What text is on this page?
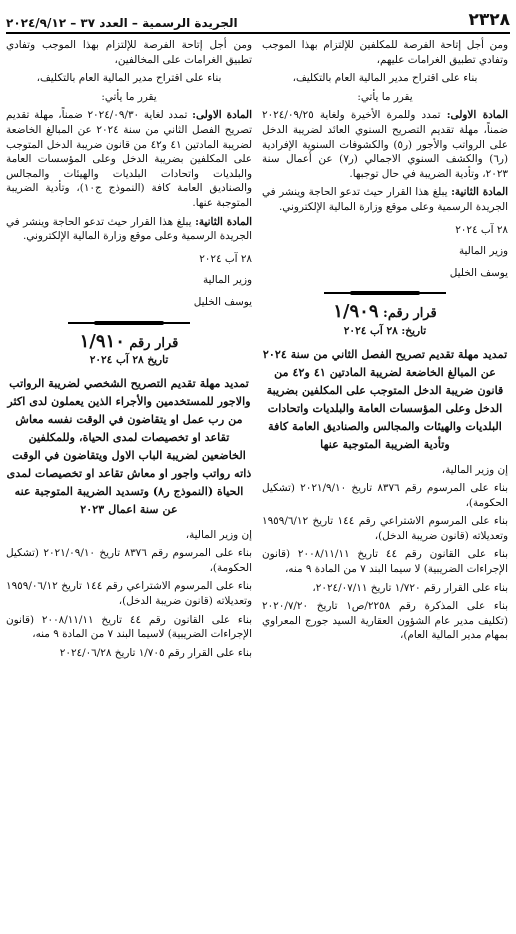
٢٣٢٨
الجريدة الرسمية – العدد ٣٧ – ٢٠٢٤/٩/١٢

ومن أجل إتاحة الفرصة للمكلفين للإلتزام بهذا الموجب وتفادي تطبيق الغرامات عليهم،

بناء على اقتراح مدير المالية العام بالتكليف،

يقرر ما يأتي:

المادة الاولى: تمدد وللمرة الأخيرة ولغاية ٢٠٢٤/٠٩/٢٥ ضمناً، مهلة تقديم التصريح السنوي العائد لضريبة الدخل على الرواتب والأجور (ر٥) والكشوفات السنوية الإفرادية (ر٦) والكشف السنوي الاجمالي (ر٧) عن أعمال سنة ٢٠٢٣، وتأدية الضريبة في حال توجبها.

المادة الثانية: يبلغ هذا القرار حيث تدعو الحاجة وينشر في الجريدة الرسمية وعلى موقع وزارة المالية الإلكتروني.

٢٨ آب ٢٠٢٤

وزير المالية

يوسف الخليل

قرار رقم: ١/٩٠٩
تاريخ: ٢٨ آب ٢٠٢٤
تمديد مهلة تقديم تصريح الفصل الثاني من سنة ٢٠٢٤ عن المبالغ الخاضعة لضريبة المادتين ٤١ و٤٢ من قانون ضريبة الدخل المتوجب على المكلفين بضريبة الدخل وعلى المؤسسات العامة والبلديات واتحادات البلديات والهيئات والمجالس والصناديق العامة كافة وتأدية الضريبة المتوجبة عنها

إن وزير المالية،

بناء على المرسوم رقم ٨٣٧٦ تاريخ ٢٠٢١/٩/١٠ (تشكيل الحكومة)،

بناء على المرسوم الاشتراعي رقم ١٤٤ تاريخ ١٩٥٩/٦/١٢ وتعديلاته (قانون ضريبة الدخل)،

بناء على القانون رقم ٤٤ تاريخ ٢٠٠٨/١١/١١ (قانون الإجراءات الضريبية) لا سيما البند ٧ من المادة ٩ منه،

بناء على القرار رقم ١/٧٢٠ تاريخ ٢٠٢٤/٠٧/١١،

بناء على المذكرة رقم ٢٢٥٨/ص١ تاريخ ٢٠٢٠/٧/٢٠ (تكليف مدير عام الشؤون العقارية السيد جورج المعراوي بمهام مدير المالية العام)،

ومن أجل إتاحة الفرصة للإلتزام بهذا الموجب وتفادي تطبيق الغرامات على المخالفين،

بناء على اقتراح مدير المالية العام بالتكليف،

يقرر ما يأتي:

المادة الاولى: تمدد لغاية ٢٠٢٤/٠٩/٣٠ ضمناً، مهلة تقديم تصريح الفصل الثاني من سنة ٢٠٢٤ عن المبالغ الخاضعة لضريبة المادتين ٤١ و٤٢ من قانون ضريبة الدخل المتوجب على المكلفين بضريبة الدخل وعلى المؤسسات العامة والبلديات واتحادات البلديات والهيئات والمجالس والصناديق العامة كافة (النموذج ج١٠)، وتأدية الضريبة المتوجبة عنها.

المادة الثانية: يبلغ هذا القرار حيث تدعو الحاجة وينشر في الجريدة الرسمية وعلى موقع وزارة المالية الإلكتروني.

٢٨ آب ٢٠٢٤

وزير المالية

يوسف الخليل

قرار رقم ١/٩١٠
تاريخ ٢٨ آب ٢٠٢٤
تمديد مهلة تقديم التصريح الشخصي لضريبة الرواتب والاجور للمستخدمين والأجراء الذين يعملون لدى اكثر من رب عمل او يتقاضون في الوقت نفسه معاش تقاعد او تخصيصات لمدى الحياة، وللمكلفين الخاضعين لضريبة الباب الاول ويتقاضون في الوقت ذاته رواتب واجور او معاش تقاعد او تخصيصات لمدى الحياة (النموذج ر٨) وتسديد الضريبة المتوجبة عنه عن سنة اعمال ٢٠٢٣

إن وزير المالية،

بناء على المرسوم رقم ٨٣٧٦ تاريخ ٢٠٢١/٠٩/١٠ (تشكيل الحكومة)،

بناء على المرسوم الاشتراعي رقم ١٤٤ تاريخ ١٩٥٩/٠٦/١٢ وتعديلاته (قانون ضريبة الدخل)،

بناء على القانون رقم ٤٤ تاريخ ٢٠٠٨/١١/١١ (قانون الإجراءات الضريبية) لاسيما البند ٧ من المادة ٩ منه،

بناء على القرار رقم ١/٧٠٥ تاريخ ٢٠٢٤/٠٦/٢٨
